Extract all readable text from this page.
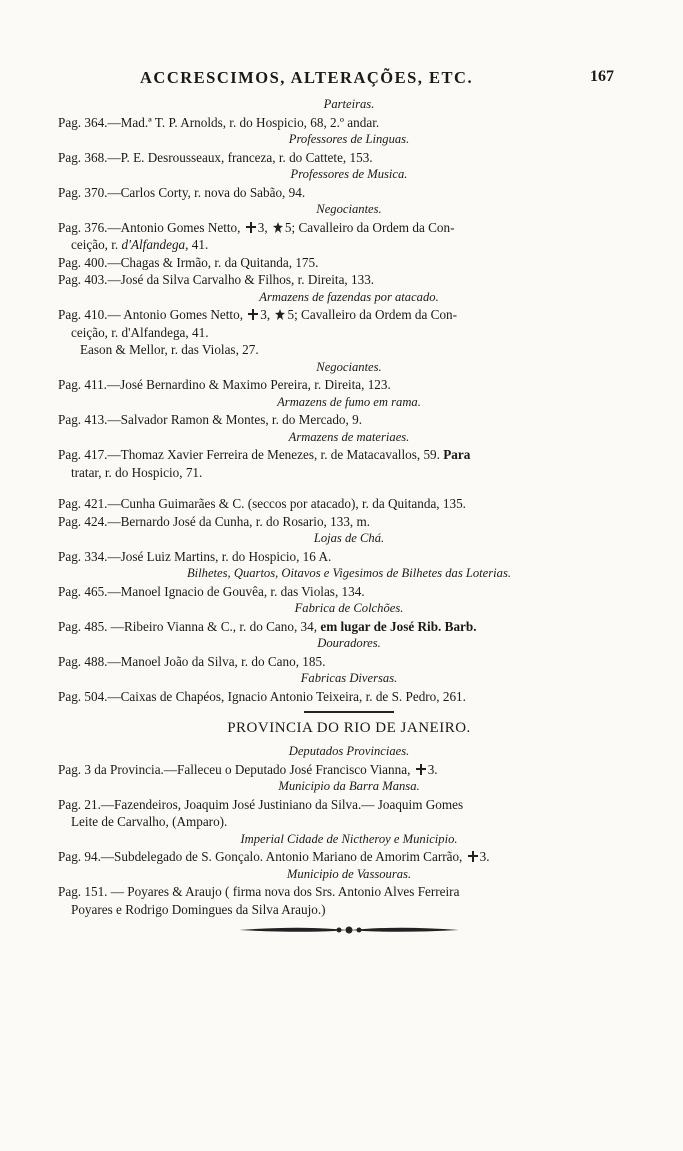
ACCRESCIMOS, ALTERAÇÕES, ETC.	167
Parteiras.
Pag. 364.—Mad.ª T. P. Arnolds, r. do Hospicio, 68, 2.º andar.
Professores de Linguas.
Pag. 368.—P. E. Desrousseaux, franceza, r. do Cattete, 153.
Professores de Musica.
Pag. 370.—Carlos Corty, r. nova do Sabão, 94.
Negociantes.
Pag. 376.—Antonio Gomes Netto, 3, 5; Cavalleiro da Ordem da Con-
ceição, r. d'Alfandega, 41.
Pag. 400.—Chagas & Irmão, r. da Quitanda, 175.
Pag. 403.—José da Silva Carvalho & Filhos, r. Direita, 133.
Armazens de fazendas por atacado.
Pag. 410.— Antonio Gomes Netto, 3, 5; Cavalleiro da Ordem da Con-
ceição, r. d'Alfandega, 41.
Eason & Mellor, r. das Violas, 27.
Negociantes.
Pag. 411.—José Bernardino & Maximo Pereira, r. Direita, 123.
Armazens de fumo em rama.
Pag. 413.—Salvador Ramon & Montes, r. do Mercado, 9.
Armazens de materiaes.
Pag. 417.—Thomaz Xavier Ferreira de Menezes, r. de Matacavallos, 59. Para
tratar, r. do Hospicio, 71.
Pag. 421.—Cunha Guimarães & C. (seccos por atacado), r. da Quitanda, 135.
Pag. 424.—Bernardo José da Cunha, r. do Rosario, 133, m.
Lojas de Chá.
Pag. 334.—José Luiz Martins, r. do Hospicio, 16 A.
Bilhetes, Quartos, Oitavos e Vigesimos de Bilhetes das Loterias.
Pag. 465.—Manoel Ignacio de Gouvêa, r. das Violas, 134.
Fabrica de Colchões.
Pag. 485. —Ribeiro Vianna & C., r. do Cano, 34, em lugar de José Rib. Barb.
Douradores.
Pag. 488.—Manoel João da Silva, r. do Cano, 185.
Fabricas Diversas.
Pag. 504.—Caixas de Chapéos, Ignacio Antonio Teixeira, r. de S. Pedro, 261.
PROVINCIA DO RIO DE JANEIRO.
Deputados Provinciaes.
Pag. 3 da Provincia.—Falleceu o Deputado José Francisco Vianna, 3.
Municipio da Barra Mansa.
Pag. 21.—Fazendeiros, Joaquim José Justiniano da Silva.— Joaquim Gomes
Leite de Carvalho, (Amparo).
Imperial Cidade de Nictheroy e Municipio.
Pag. 94.—Subdelegado de S. Gonçalo. Antonio Mariano de Amorim Carrão, 3.
Municipio de Vassouras.
Pag. 151. — Poyares & Araujo ( firma nova dos Srs. Antonio Alves Ferreira
Poyares e Rodrigo Domingues da Silva Araujo.)
